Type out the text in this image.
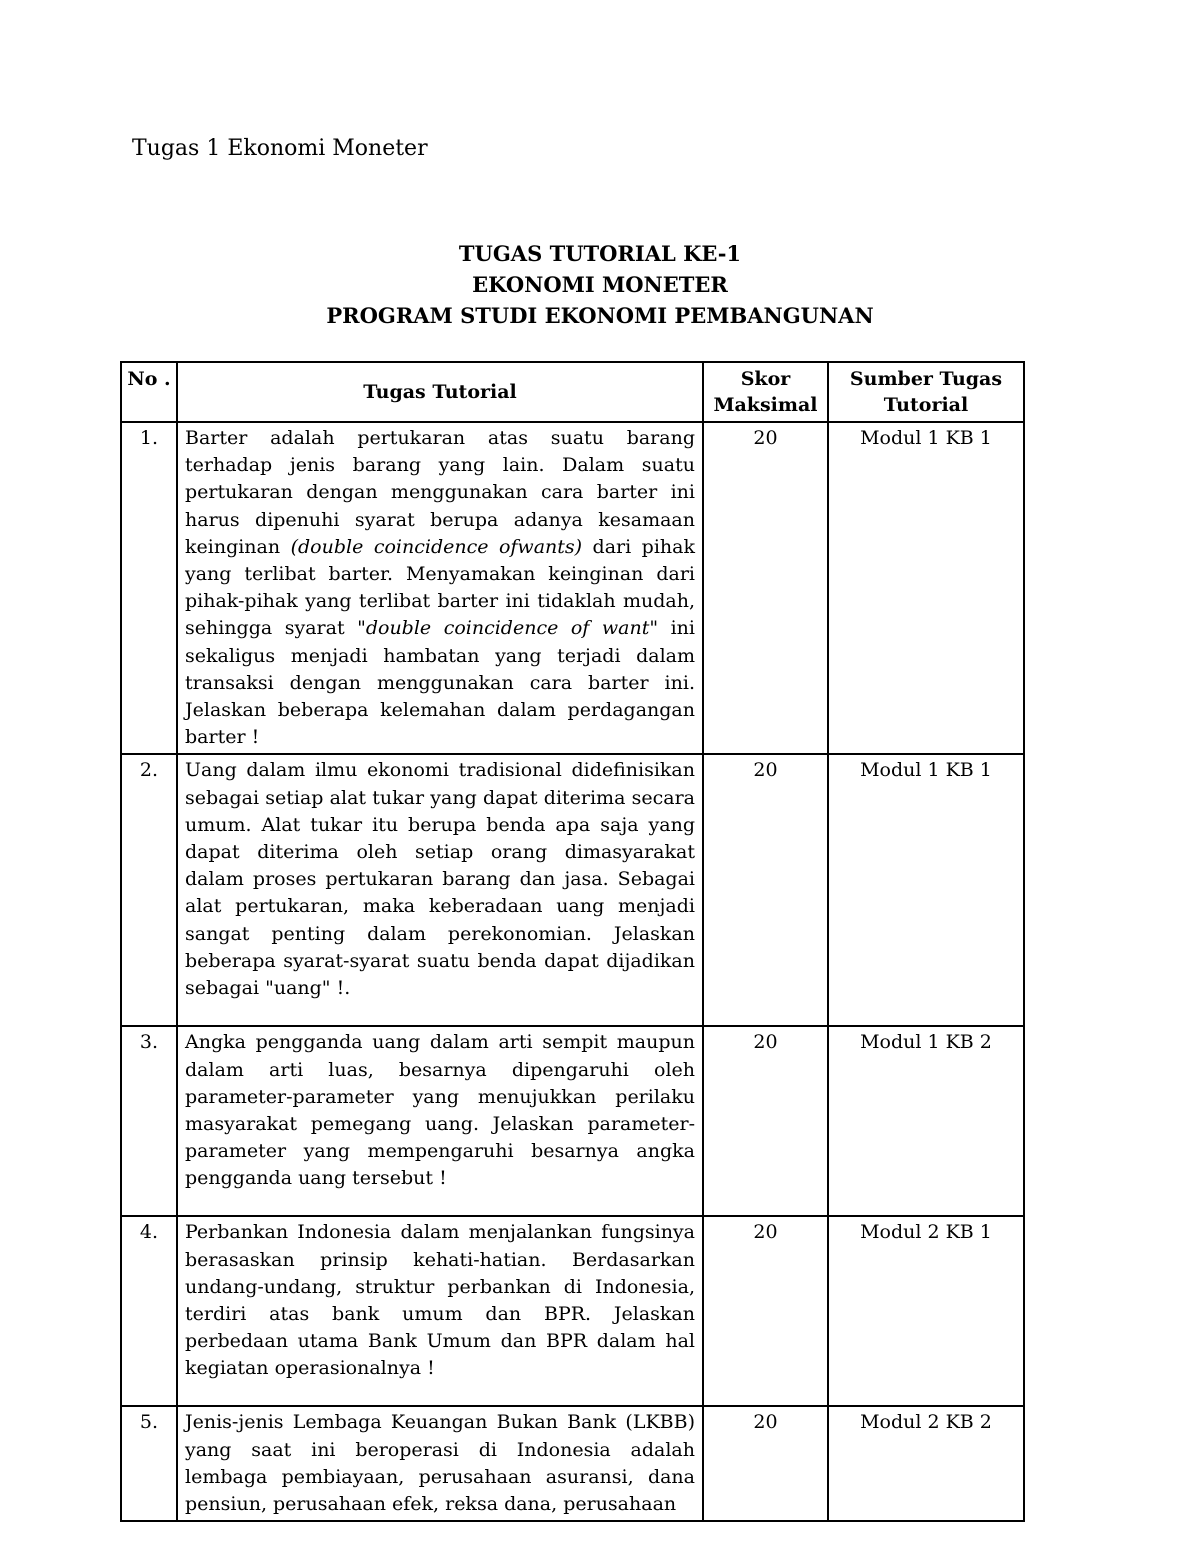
Tugas 1 Ekonomi Moneter
TUGAS TUTORIAL KE-1
EKONOMI MONETER
PROGRAM STUDI EKONOMI PEMBANGUNAN
No .	Tugas Tutorial	Skor Maksimal	Sumber Tugas Tutorial
1.	Barter adalah pertukaran atas suatu barang terhadap jenis barang yang lain. Dalam suatu pertukaran dengan menggunakan cara barter ini harus dipenuhi syarat berupa adanya kesamaan keinginan (double coincidence ofwants) dari pihak yang terlibat barter. Menyamakan keinginan dari pihak-pihak yang terlibat barter ini tidaklah mudah, sehingga syarat "double coincidence of want" ini sekaligus menjadi hambatan yang terjadi dalam transaksi dengan menggunakan cara barter ini. Jelaskan beberapa kelemahan dalam perdagangan barter !	20	Modul 1 KB 1
2.	Uang dalam ilmu ekonomi tradisional didefinisikan sebagai setiap alat tukar yang dapat diterima secara umum. Alat tukar itu berupa benda apa saja yang dapat diterima oleh setiap orang dimasyarakat dalam proses pertukaran barang dan jasa. Sebagai alat pertukaran, maka keberadaan uang menjadi sangat penting dalam perekonomian. Jelaskan beberapa syarat-syarat suatu benda dapat dijadikan sebagai "uang" !.	20	Modul 1 KB 1
3.	Angka pengganda uang dalam arti sempit maupun dalam arti luas, besarnya dipengaruhi oleh parameter-parameter yang menujukkan perilaku masyarakat pemegang uang. Jelaskan parameter-parameter yang mempengaruhi besarnya angka pengganda uang tersebut !	20	Modul 1 KB 2
4.	Perbankan Indonesia dalam menjalankan fungsinya berasaskan prinsip kehati-hatian. Berdasarkan undang-undang, struktur perbankan di Indonesia, terdiri atas bank umum dan BPR. Jelaskan perbedaan utama Bank Umum dan BPR dalam hal kegiatan operasionalnya !	20	Modul 2 KB 1
5.	Jenis-jenis Lembaga Keuangan Bukan Bank (LKBB) yang saat ini beroperasi di Indonesia adalah lembaga pembiayaan, perusahaan asuransi, dana pensiun, perusahaan efek, reksa dana, perusahaan	20	Modul 2 KB 2
